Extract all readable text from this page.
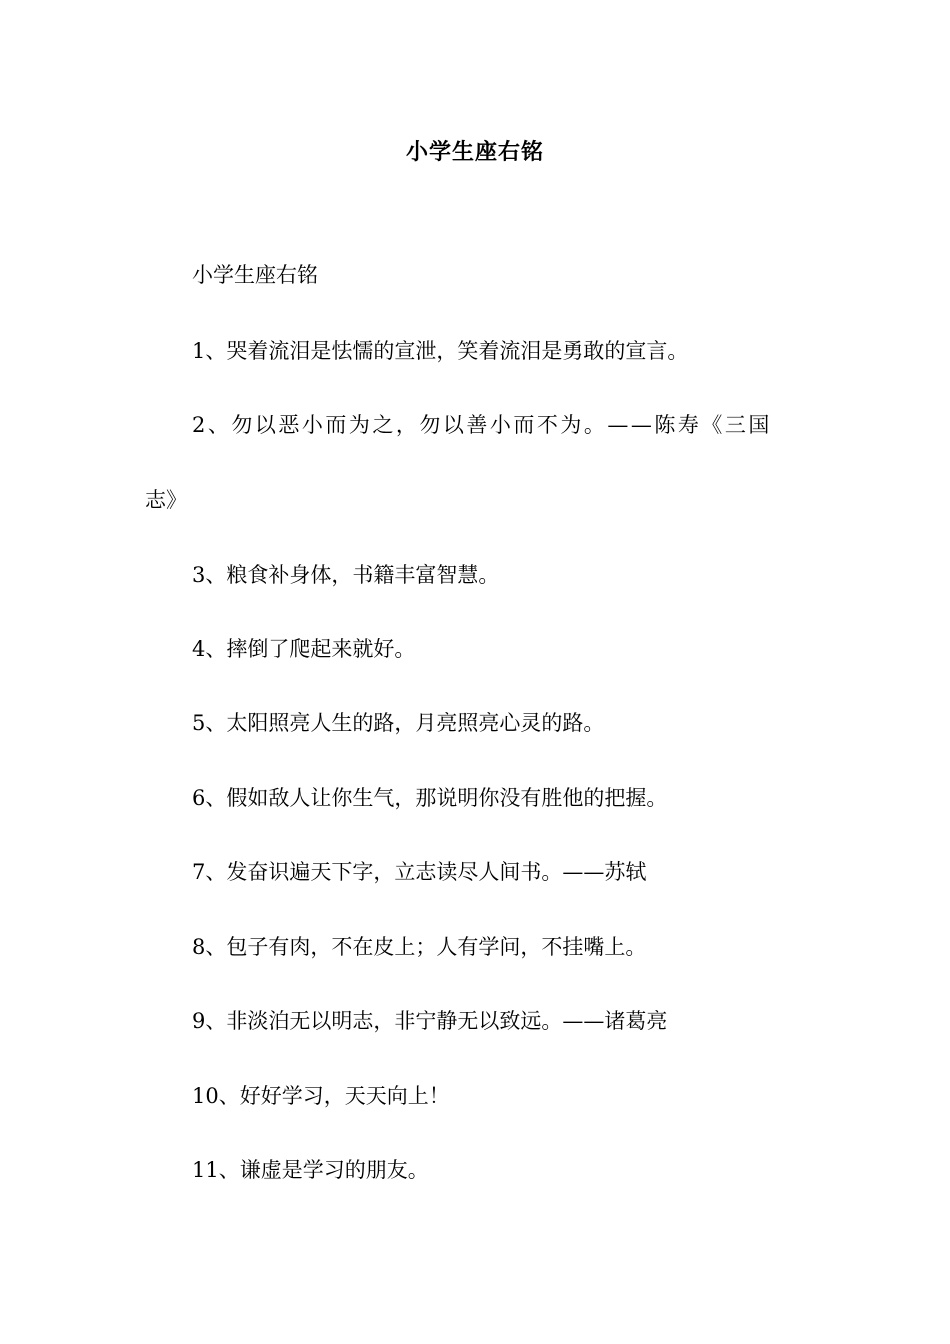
小学生座右铭
小学生座右铭
1、哭着流泪是怯懦的宣泄，笑着流泪是勇敢的宣言。
2、勿以恶小而为之，勿以善小而不为。——陈寿《三国
志》
3、粮食补身体，书籍丰富智慧。
4、摔倒了爬起来就好。
5、太阳照亮人生的路，月亮照亮心灵的路。
6、假如敌人让你生气，那说明你没有胜他的把握。
7、发奋识遍天下字，立志读尽人间书。——苏轼
8、包子有肉，不在皮上；人有学问，不挂嘴上。
9、非淡泊无以明志，非宁静无以致远。——诸葛亮
10、好好学习，天天向上！
11、谦虚是学习的朋友。
